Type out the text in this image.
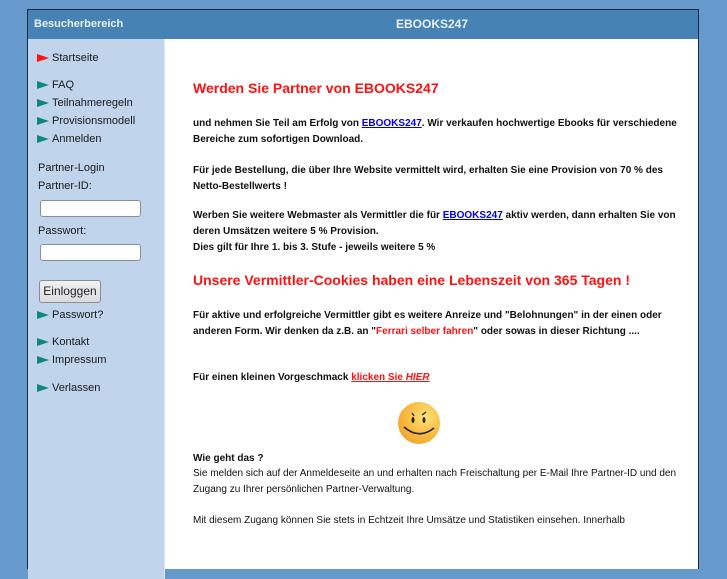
Besucherbereich	EBOOKS247
Startseite
FAQ
Teilnahmeregeln
Provisionsmodell
Anmelden
Partner-Login
Partner-ID:
Passwort:
Einloggen
Passwort?
Kontakt
Impressum
Verlassen
Werden Sie Partner von EBOOKS247
und nehmen Sie Teil am Erfolg von EBOOKS247. Wir verkaufen hochwertige Ebooks für verschiedene Bereiche zum sofortigen Download.
Für jede Bestellung, die über Ihre Website vermittelt wird, erhalten Sie eine Provision von 70 % des Netto-Bestellwerts !
Werben Sie weitere Webmaster als Vermittler die für EBOOKS247 aktiv werden, dann erhalten Sie von deren Umsätzen weitere 5 % Provision.
Dies gilt für Ihre 1. bis 3. Stufe - jeweils weitere 5 %
Unsere Vermittler-Cookies haben eine Lebenszeit von 365 Tagen !
Für aktive und erfolgreiche Vermittler gibt es weitere Anreize und "Belohnungen" in der einen oder anderen Form. Wir denken da z.B. an "Ferrari selber fahren" oder sowas in dieser Richtung ....
Für einen kleinen Vorgeschmack klicken Sie HIER
Wie geht das ?
Sie melden sich auf der Anmeldeseite an und erhalten nach Freischaltung per E-Mail Ihre Partner-ID und den Zugang zu Ihrer persönlichen Partner-Verwaltung.
Mit diesem Zugang können Sie stets in Echtzeit Ihre Umsätze und Statistiken einsehen. Innerhalb
